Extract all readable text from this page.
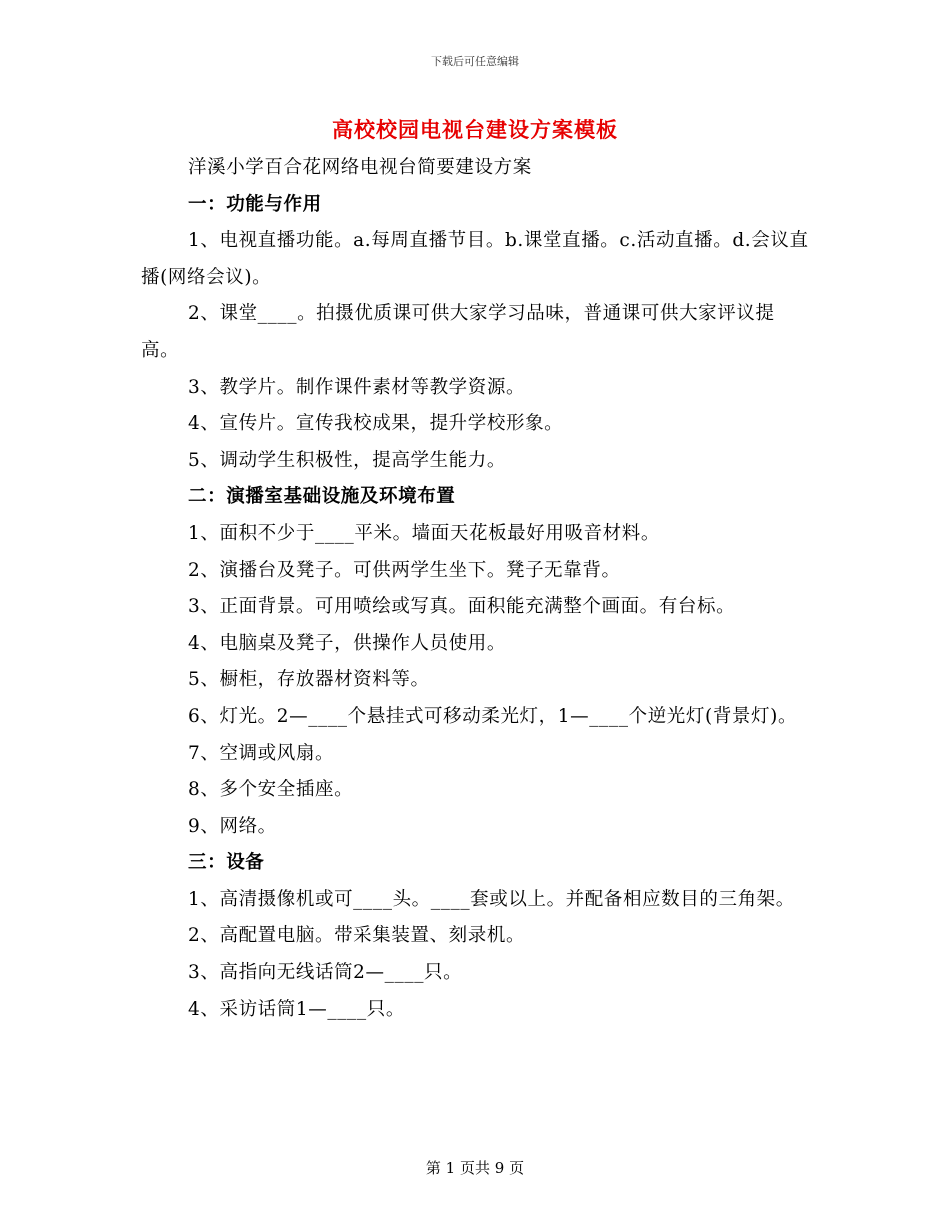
下载后可任意编辑
高校校园电视台建设方案模板

洋溪小学百合花网络电视台简要建设方案

一：功能与作用

1、电视直播功能。a.每周直播节目。b.课堂直播。c.活动直播。d.会议直播(网络会议)。

2、课堂____。拍摄优质课可供大家学习品味，普通课可供大家评议提高。

3、教学片。制作课件素材等教学资源。

4、宣传片。宣传我校成果，提升学校形象。

5、调动学生积极性，提高学生能力。

二：演播室基础设施及环境布置

1、面积不少于____平米。墙面天花板最好用吸音材料。

2、演播台及凳子。可供两学生坐下。凳子无靠背。

3、正面背景。可用喷绘或写真。面积能充满整个画面。有台标。

4、电脑桌及凳子，供操作人员使用。

5、橱柜，存放器材资料等。

6、灯光。2—____个悬挂式可移动柔光灯，1—____个逆光灯(背景灯)。

7、空调或风扇。

8、多个安全插座。

9、网络。

三：设备

1、高清摄像机或可____头。____套或以上。并配备相应数目的三角架。

2、高配置电脑。带采集装置、刻录机。

3、高指向无线话筒2—____只。

4、采访话筒1—____只。

第 1 页共 9 页
